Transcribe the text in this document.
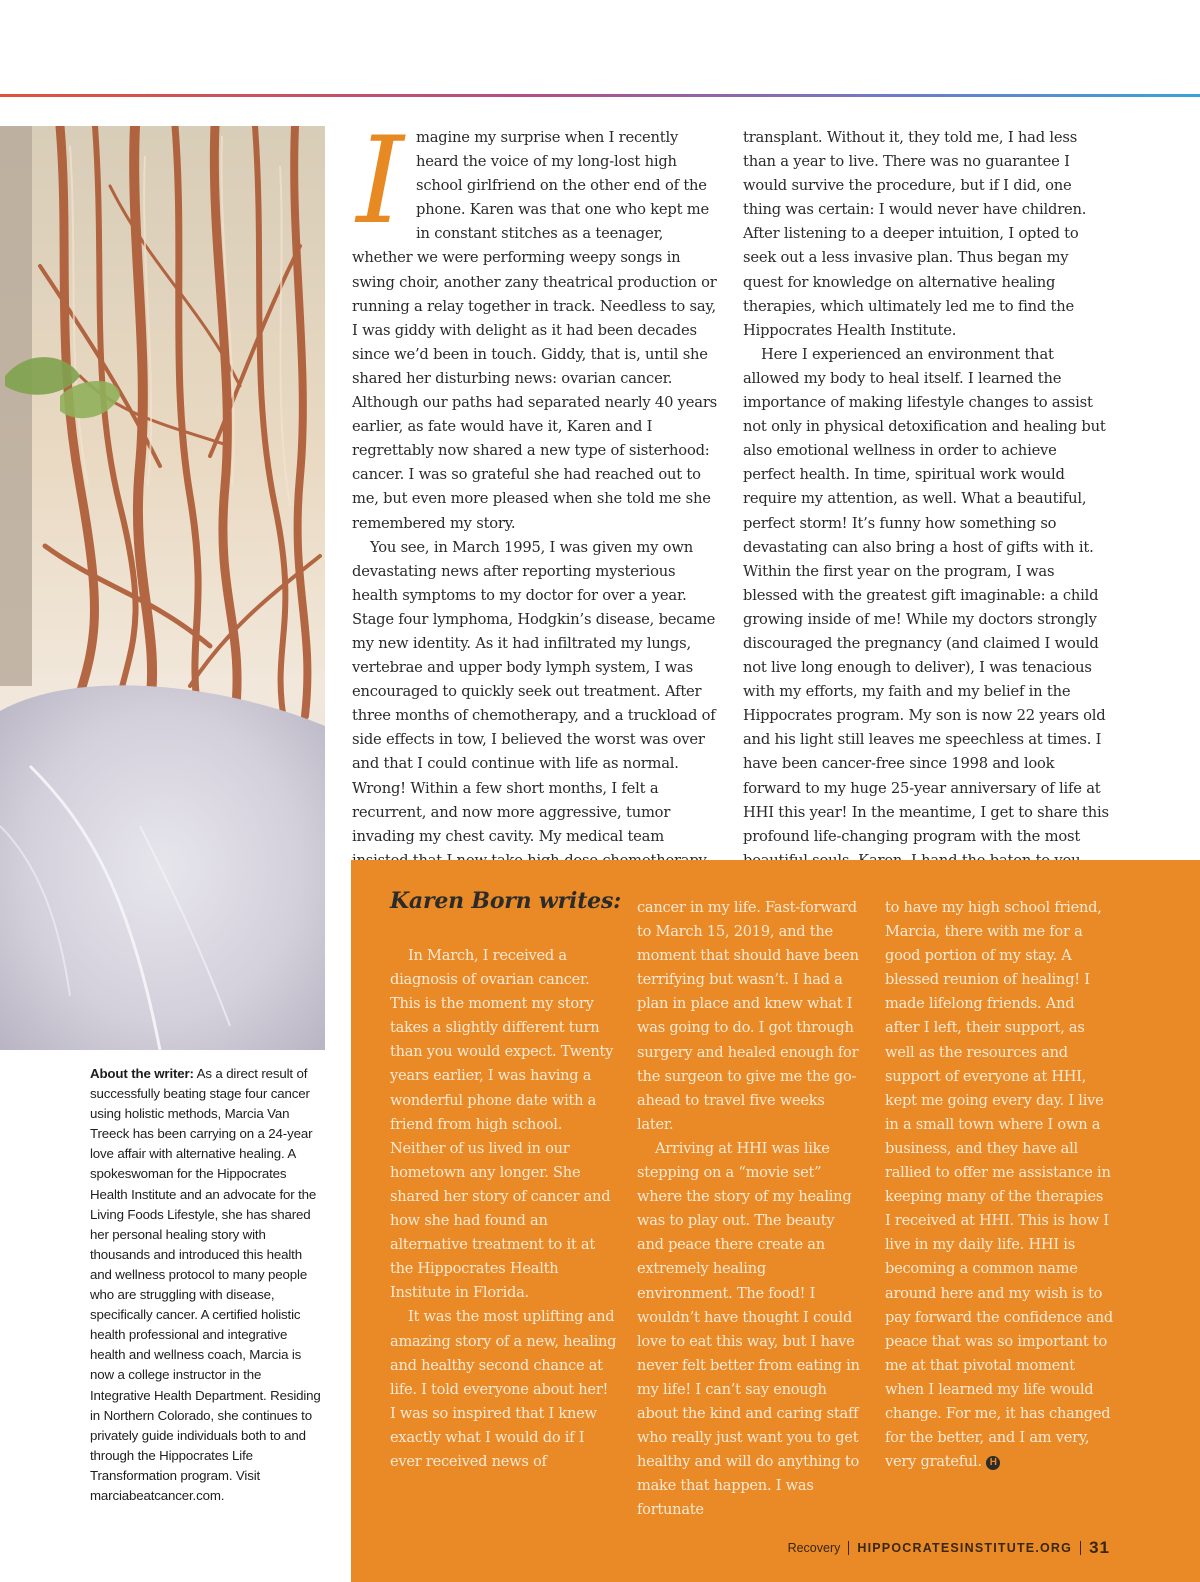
I magine my surprise when I recently heard the voice of my long-lost high school girlfriend on the other end of the phone. Karen was that one who kept me in constant stitches as a teenager, whether we were performing weepy songs in swing choir, another zany theatrical production or running a relay together in track. Needless to say, I was giddy with delight as it had been decades since we’d been in touch. Giddy, that is, until she shared her disturbing news: ovarian cancer. Although our paths had separated nearly 40 years earlier, as fate would have it, Karen and I regrettably now shared a new type of sisterhood: cancer. I was so grateful she had reached out to me, but even more pleased when she told me she remembered my story.

You see, in March 1995, I was given my own devastating news after reporting mysterious health symptoms to my doctor for over a year. Stage four lymphoma, Hodgkin’s disease, became my new identity. As it had infiltrated my lungs, vertebrae and upper body lymph system, I was encouraged to quickly seek out treatment. After three months of chemotherapy, and a truckload of side effects in tow, I believed the worst was over and that I could continue with life as normal. Wrong! Within a few short months, I felt a recurrent, and now more aggressive, tumor invading my chest cavity. My medical team

transplant. Without it, they told me, I had less than a year to live. There was no guarantee I would survive the procedure, but if I did, one thing was certain: I would never have children. After listening to a deeper intuition, I opted to seek out a less invasive plan. Thus began my quest for knowledge on alternative healing therapies, which ultimately led me to find the Hippocrates Health Institute.

Here I experienced an environment that allowed my body to heal itself. I learned the importance of making lifestyle changes to assist not only in physical detoxification and healing but also emotional wellness in order to achieve perfect health. In time, spiritual work would require my attention, as well. What a beautiful, perfect storm! It’s funny how something so devastating can also bring a host of gifts with it. Within the first year on the program, I was blessed with the greatest gift imaginable: a child growing inside of me! While my doctors strongly discouraged the pregnancy (and claimed I would not live long enough to deliver), I was tenacious with my efforts, my faith and my belief in the Hippocrates program. My son is now 22 years old and his light still leaves me speechless at times. I have been cancer-free since 1998 and look forward to my huge 25-year anniversary of life at HHI this year! In the meantime, I get to share this profound life-changing program with the most

About the writer: As a direct result of successfully beating stage four cancer using holistic methods, Marcia Van Treeck has been carrying on a 24-year love affair with alternative healing. A spokeswoman for the Hippocrates Health Institute and an advocate for the Living Foods Lifestyle, she has shared her personal healing story with thousands and introduced this health and wellness protocol to many people who are struggling with disease, specifically cancer. A certified holistic health professional and integrative health and wellness coach, Marcia is now a college instructor in the Integrative Health Department. Residing in Northern Colorado, she continues to privately guide individuals both to and through the Hippocrates Life Transformation program. Visit marciabeatcancer.com.

Karen Born writes:

In March, I received a diagnosis of ovarian cancer. This is the moment my story takes a slightly different turn than you would expect. Twenty years earlier, I was having a wonderful phone date with a friend from high school. Neither of us lived in our hometown any longer. She shared her story of cancer and how she had found an alternative treatment to it at the Hippocrates Health Institute in Florida.

It was the most uplifting and amazing story of a new, healing and healthy second chance at life. I told everyone about her! I was so inspired that I knew exactly what I would do if I ever received news of

cancer in my life. Fast-forward to March 15, 2019, and the moment that should have been terrifying but wasn’t. I had a plan in place and knew what I was going to do. I got through surgery and healed enough for the surgeon to give me the go-ahead to travel five weeks later.

Arriving at HHI was like stepping on a “movie set” where the story of my healing was to play out. The beauty and peace there create an extremely healing environment. The food! I wouldn’t have thought I could love to eat this way, but I have never felt better from eating in my life! I can’t say enough about the kind and caring staff who really just want you to get healthy and will do anything to make that happen. I was fortunate

to have my high school friend, Marcia, there with me for a good portion of my stay. A blessed reunion of healing! I made lifelong friends. And after I left, their support, as well as the resources and support of everyone at HHI, kept me going every day. I live in a small town where I own a business, and they have all rallied to offer me assistance in keeping many of the therapies I received at HHI. This is how I live in my daily life. HHI is becoming a common name around here and my wish is to pay forward the confidence and peace that was so important to me at that pivotal moment when I learned my life would change. For me, it has changed for the better, and I am very, very grateful. H

Recovery HIPPOCRATESINSTITUTE.ORG 31
